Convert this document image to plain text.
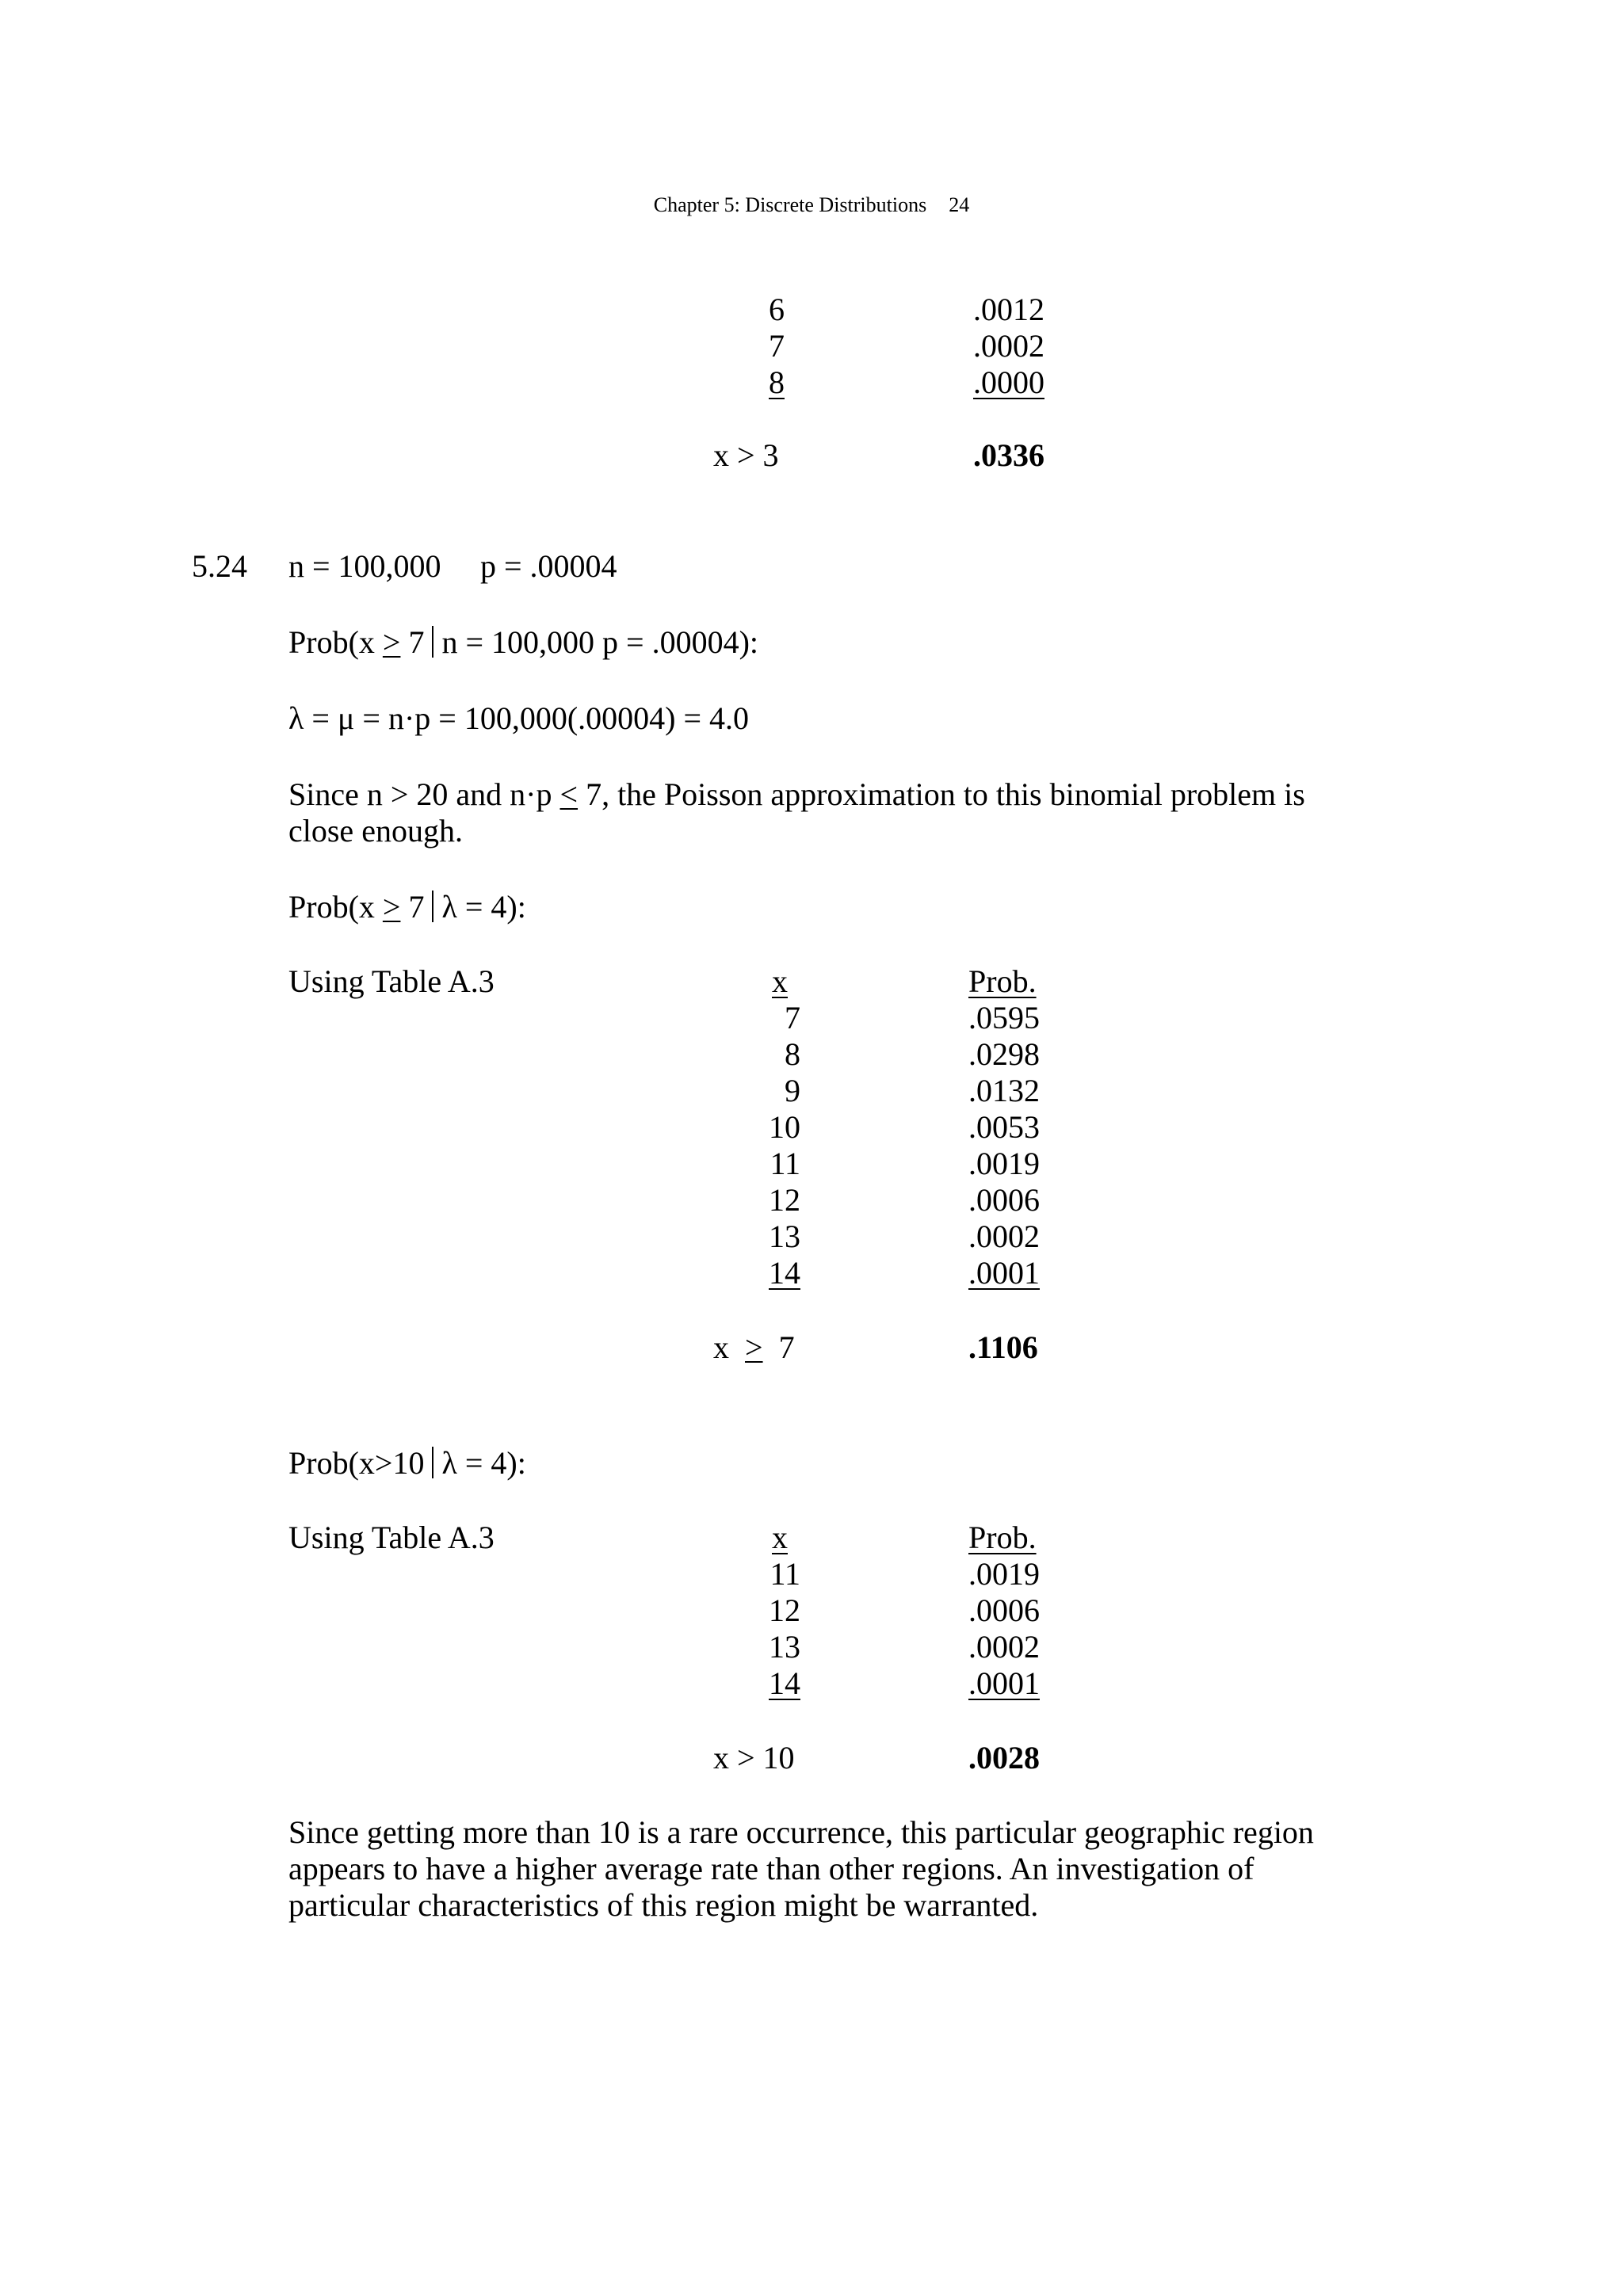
Chapter 5: Discrete Distributions 24
6	.0012
7	.0002
8	.0000
x > 3	.0336
5.24 n = 100,000 p = .00004
Prob(x ≥ 7 n = 100,000 p = .00004):
λ = μ = n·p = 100,000(.00004) = 4.0
Since n > 20 and n·p ≤ 7, the Poisson approximation to this binomial problem is close enough.
Prob(x ≥ 7 λ = 4):
Using Table A.3	x	Prob.
7	.0595
8	.0298
9	.0132
10	.0053
11	.0019
12	.0006
13	.0002
14	.0001
x  ≥  7	.1106
Prob(x>10 λ = 4):
Using Table A.3	x	Prob.
11	.0019
12	.0006
13	.0002
14	.0001
x > 10	.0028
Since getting more than 10 is a rare occurrence, this particular geographic region appears to have a higher average rate than other regions. An investigation of particular characteristics of this region might be warranted.
